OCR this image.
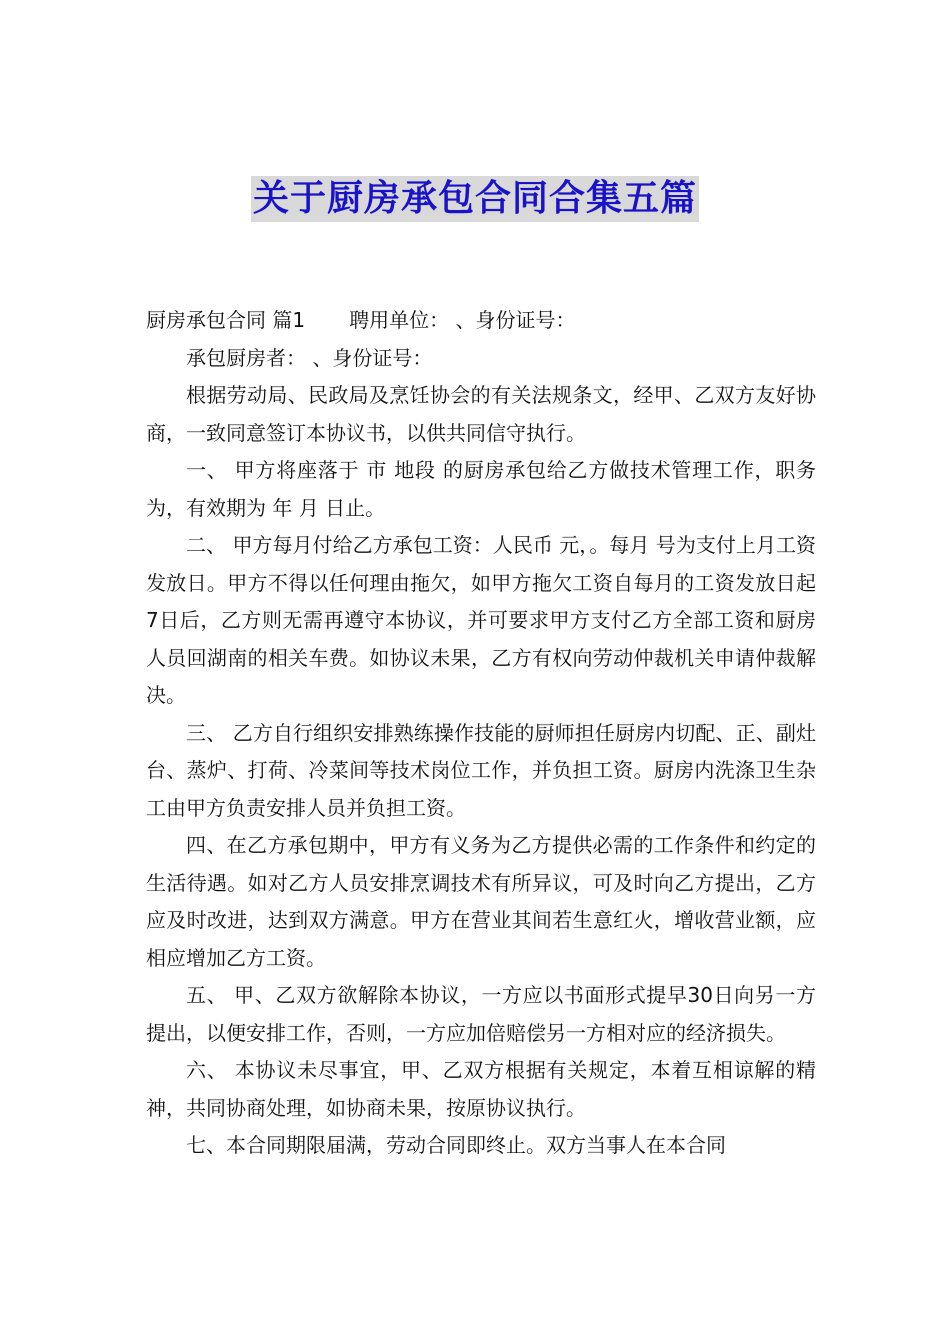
关于厨房承包合同合集五篇

厨房承包合同 篇1 聘用单位： 、身份证号：

承包厨房者： 、身份证号：

根据劳动局、民政局及烹饪协会的有关法规条文，经甲、乙双方友好协商，一致同意签订本协议书，以供共同信守执行。

一、 甲方将座落于 市 地段 的厨房承包给乙方做技术管理工作，职务为，有效期为 年 月 日止。

二、 甲方每月付给乙方承包工资：人民币 元，。每月 号为支付上月工资发放日。甲方不得以任何理由拖欠，如甲方拖欠工资自每月的工资发放日起7日后，乙方则无需再遵守本协议，并可要求甲方支付乙方全部工资和厨房人员回湖南的相关车费。如协议未果，乙方有权向劳动仲裁机关申请仲裁解决。

三、 乙方自行组织安排熟练操作技能的厨师担任厨房内切配、正、副灶台、蒸炉、打荷、冷菜间等技术岗位工作，并负担工资。厨房内洗涤卫生杂工由甲方负责安排人员并负担工资。

四、在乙方承包期中，甲方有义务为乙方提供必需的工作条件和约定的生活待遇。如对乙方人员安排烹调技术有所异议，可及时向乙方提出，乙方应及时改进，达到双方满意。甲方在营业其间若生意红火，增收营业额，应相应增加乙方工资。

五、 甲、乙双方欲解除本协议，一方应以书面形式提早30日向另一方提出，以便安排工作，否则，一方应加倍赔偿另一方相对应的经济损失。

六、 本协议未尽事宜，甲、乙双方根据有关规定，本着互相谅解的精神，共同协商处理，如协商未果，按原协议执行。

七、本合同期限届满，劳动合同即终止。双方当事人在本合同
